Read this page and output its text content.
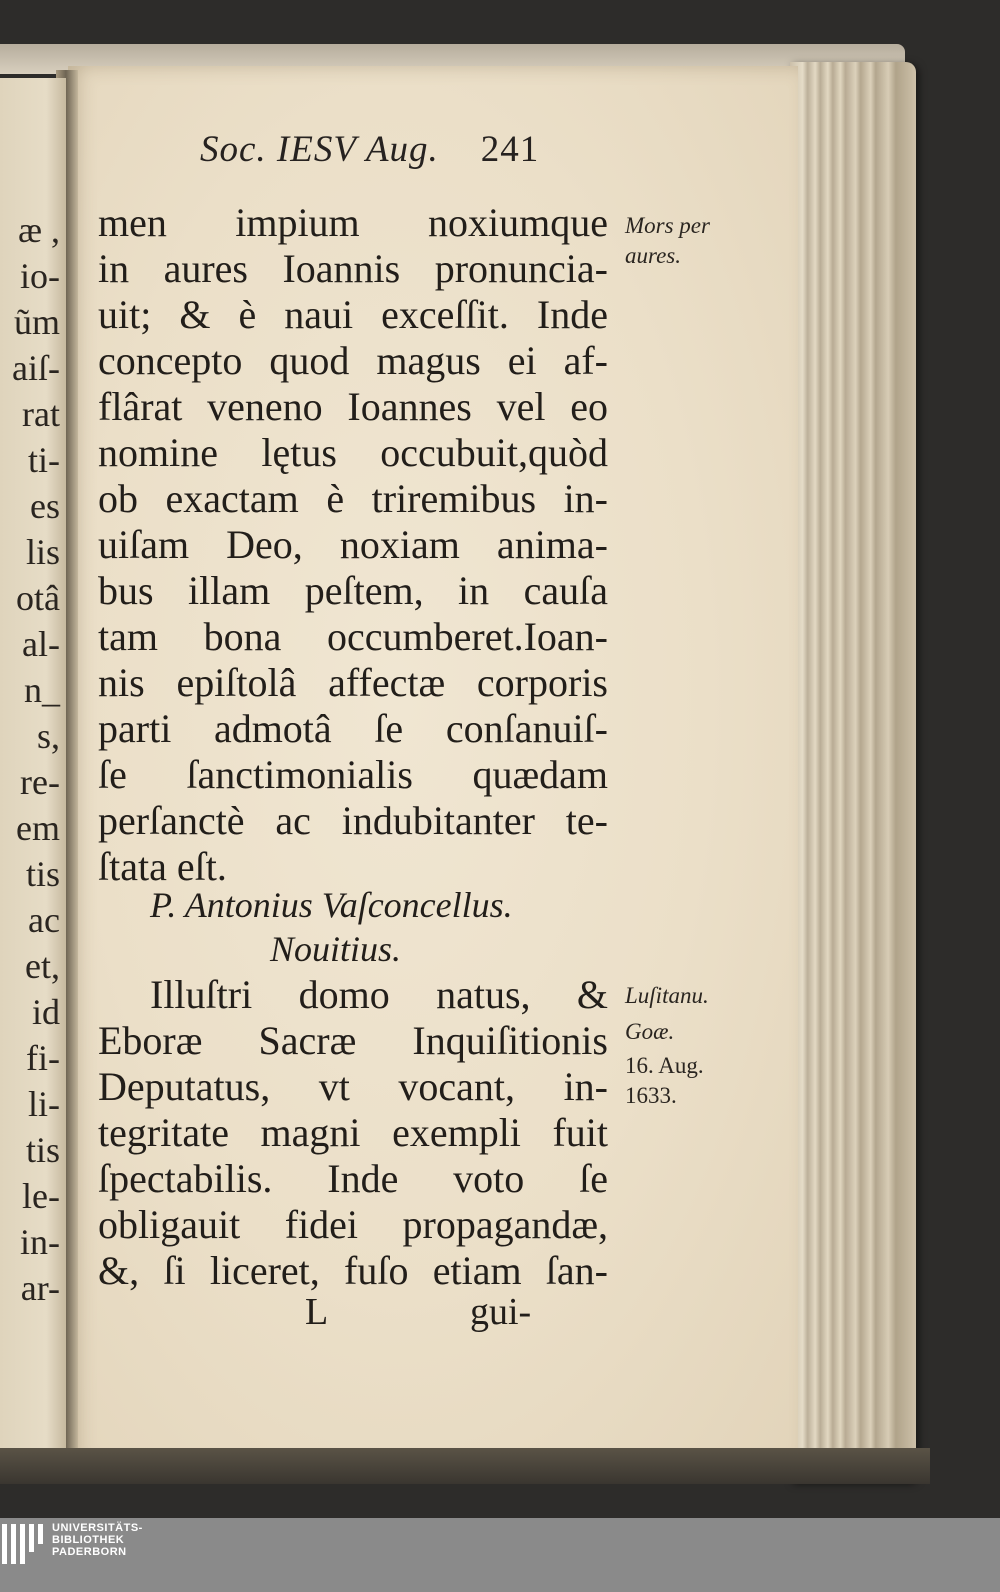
æ ,
io-
ũm
aiſ-
rat
ti-
es
lis
otâ
al-
n_
s,
re-
em
tis
ac
et,
id
fi-
li-
tis
le-
in-
ar-
Soc. IESV Aug. 241
men impium noxiumque
in aures Ioannis pronuncia-
uit; & è naui exceſſit. Inde
concepto quod magus ei af-
flârat veneno Ioannes vel eo
nomine lętus occubuit,quòd
ob exactam è triremibus in-
uiſam Deo, noxiam anima-
bus illam peſtem, in cauſa
tam bona occumberet.Ioan-
nis epiſtolâ affectæ corporis
parti admotâ ſe conſanuiſ-
ſe ſanctimonialis quædam
perſanctè ac indubitanter te-
ſtata eſt.
P. Antonius Vaſconcellus.
Nouitius.
Illuſtri domo natus, &
Eboræ Sacræ Inquiſitionis
Deputatus, vt vocant, in-
tegritate magni exempli fuit
ſpectabilis. Inde voto ſe
obligauit fidei propagandæ,
&, ſi liceret, fuſo etiam ſan-
Mors per
aures.
Luſitanu.
Goæ.
16. Aug.
1633.
L	gui-
UNIVERSITÄTS-
BIBLIOTHEK
PADERBORN
